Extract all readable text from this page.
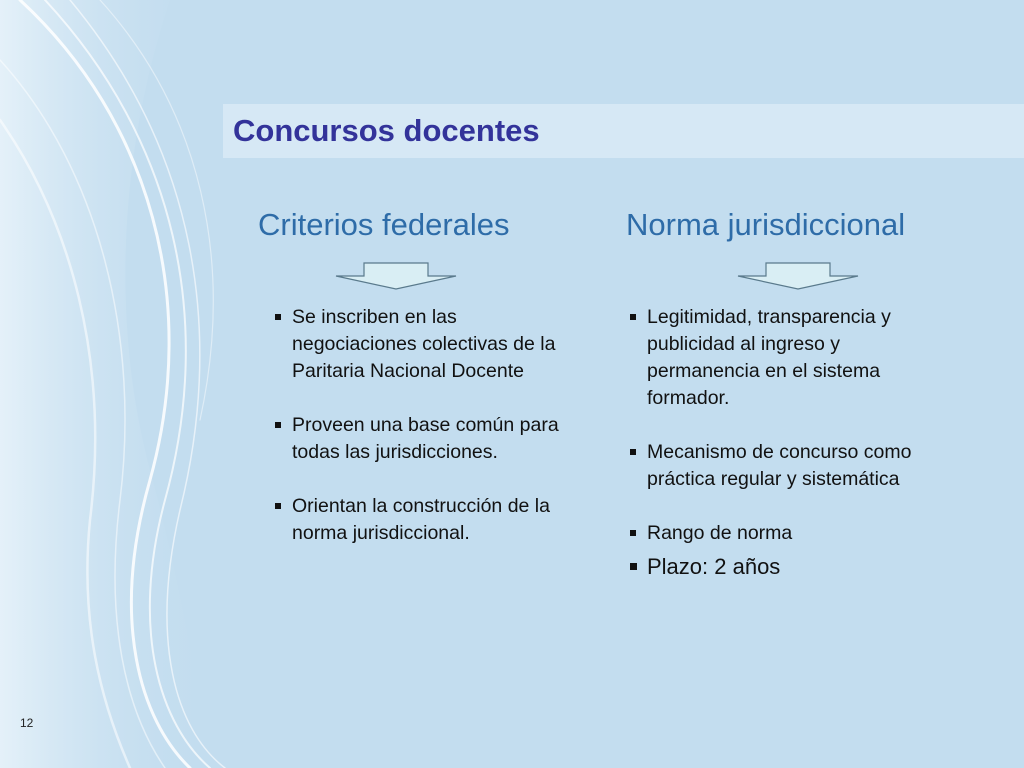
Concursos docentes
Criterios federales	Norma jurisdiccional
Se inscriben en las negociaciones colectivas de la Paritaria Nacional Docente
Proveen una base común para todas las jurisdicciones.
Orientan la construcción de la norma jurisdiccional.
Legitimidad, transparencia y publicidad al ingreso y permanencia en el sistema formador.
Mecanismo de concurso como práctica regular y sistemática
Rango de norma
Plazo: 2 años
12
